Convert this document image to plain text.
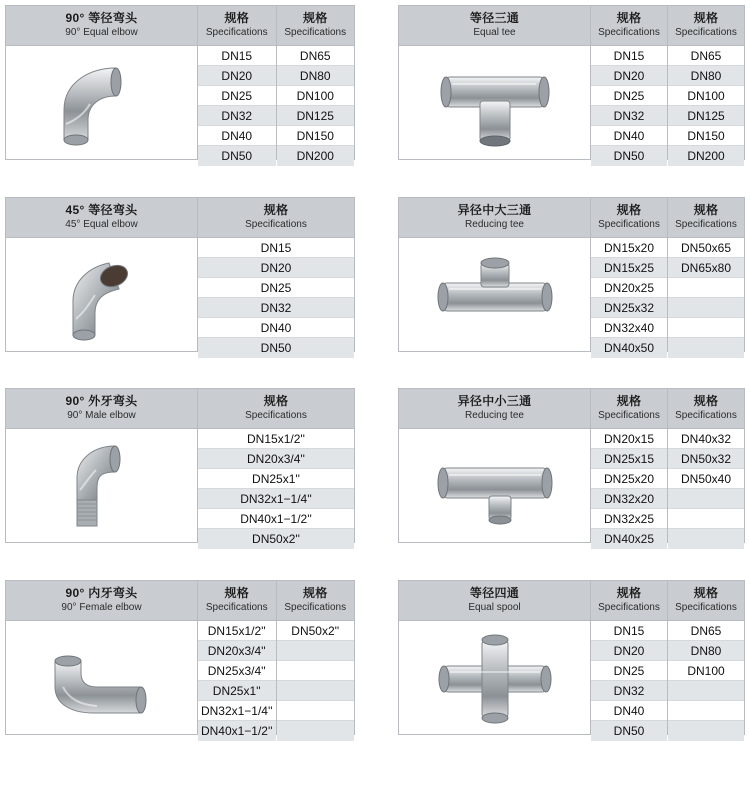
90° 等径弯头
90° Equal elbow
规格
Specifications
DN15
DN20
DN25
DN32
DN40
DN50
规格
Specifications
DN65
DN80
DN100
DN125
DN150
DN200
等径三通
Equal tee
规格
Specifications
DN15
DN20
DN25
DN32
DN40
DN50
规格
Specifications
DN65
DN80
DN100
DN125
DN150
DN200
45° 等径弯头
45° Equal elbow
规格
Specifications
DN15
DN20
DN25
DN32
DN40
DN50
异径中大三通
Reducing tee
规格
Specifications
DN15x20
DN15x25
DN20x25
DN25x32
DN32x40
DN40x50
规格
Specifications
DN50x65
DN65x80
90° 外牙弯头
90° Male elbow
规格
Specifications
DN15x1/2''
DN20x3/4''
DN25x1''
DN32x1−1/4''
DN40x1−1/2''
DN50x2''
异径中小三通
Reducing tee
规格
Specifications
DN20x15
DN25x15
DN25x20
DN32x20
DN32x25
DN40x25
规格
Specifications
DN40x32
DN50x32
DN50x40
90° 内牙弯头
90° Female elbow
规格
Specifications
DN15x1/2''
DN20x3/4''
DN25x3/4''
DN25x1''
DN32x1−1/4''
DN40x1−1/2''
规格
Specifications
DN50x2''
等径四通
Equal spool
规格
Specifications
DN15
DN20
DN25
DN32
DN40
DN50
规格
Specifications
DN65
DN80
DN100
